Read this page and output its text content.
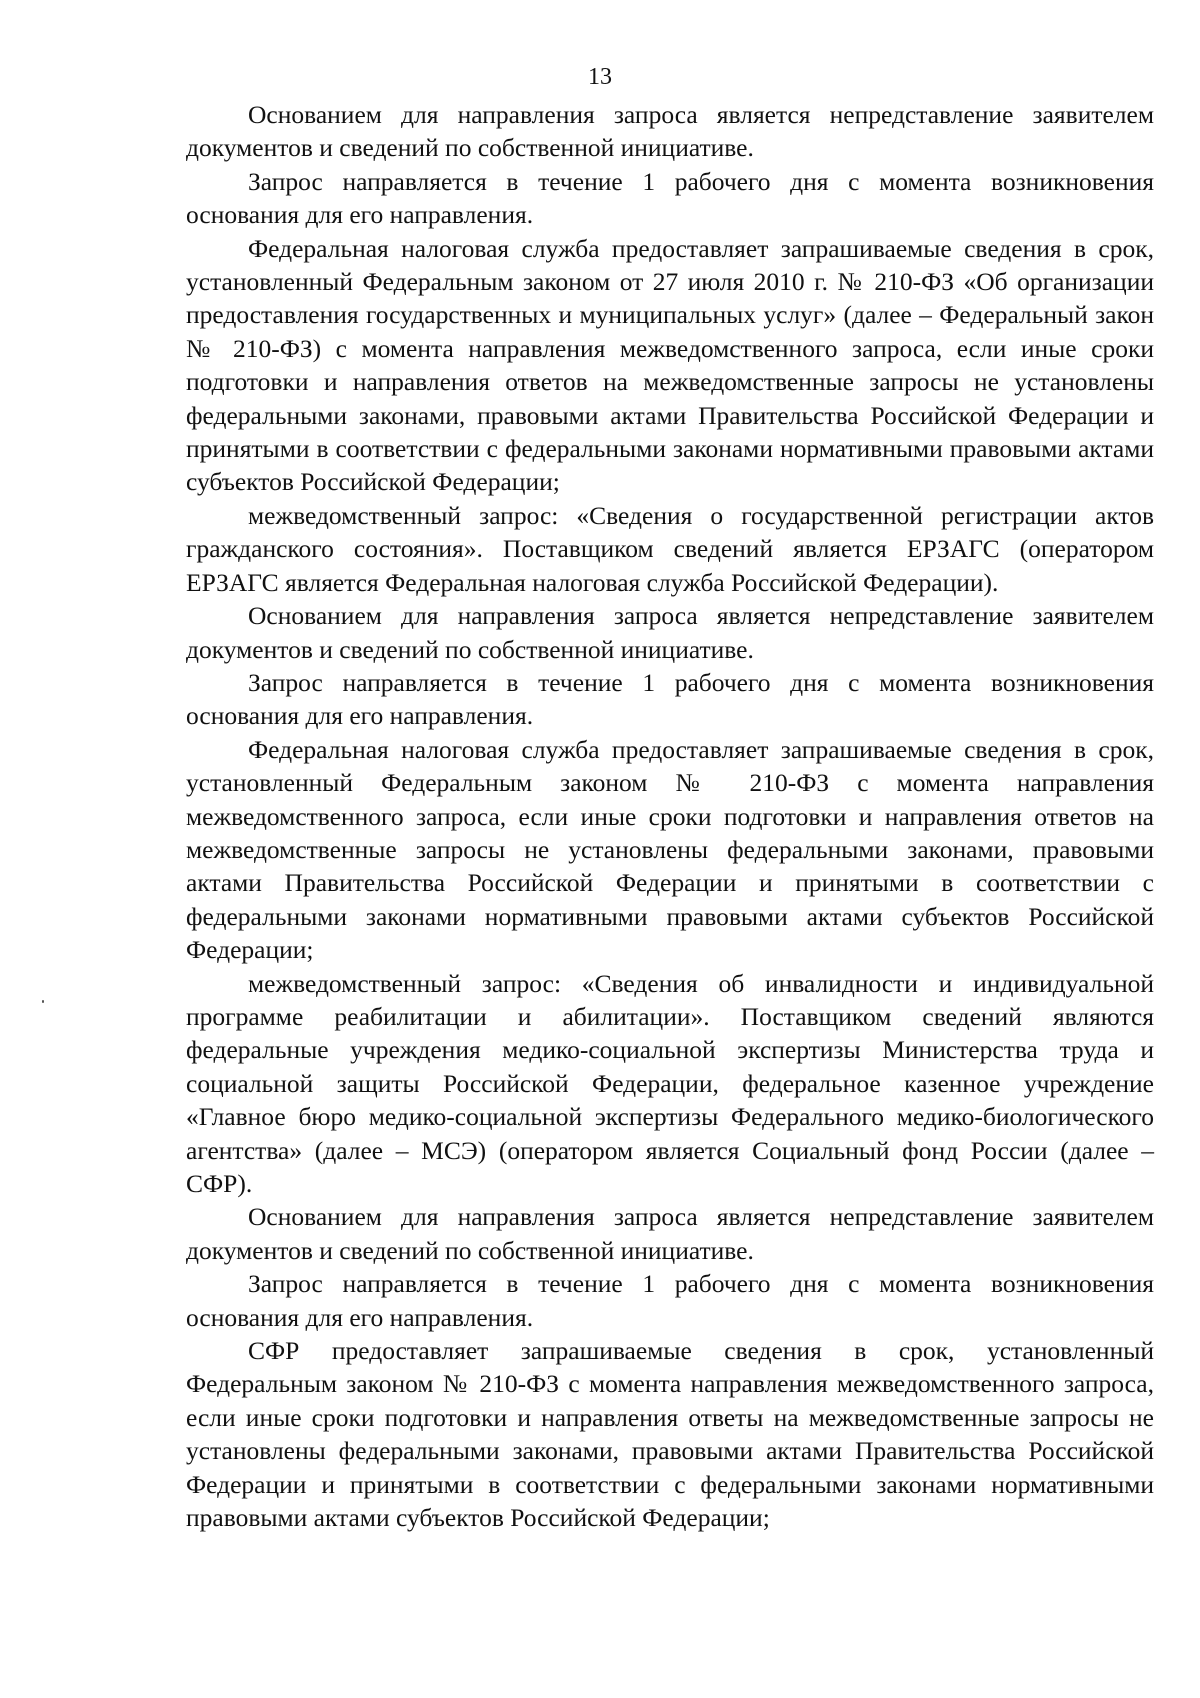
13

Основанием для направления запроса является непредставление заявителем документов и сведений по собственной инициативе.

Запрос направляется в течение 1 рабочего дня с момента возникновения основания для его направления.

Федеральная налоговая служба предоставляет запрашиваемые сведения в срок, установленный Федеральным законом от 27 июля 2010 г. № 210-ФЗ «Об организации предоставления государственных и муниципальных услуг» (далее – Федеральный закон № 210-ФЗ) с момента направления межведомственного запроса, если иные сроки подготовки и направления ответов на межведомственные запросы не установлены федеральными законами, правовыми актами Правительства Российской Федерации и принятыми в соответствии с федеральными законами нормативными правовыми актами субъектов Российской Федерации;

межведомственный запрос: «Сведения о государственной регистрации актов гражданского состояния». Поставщиком сведений является ЕРЗАГС (оператором ЕРЗАГС является Федеральная налоговая служба Российской Федерации).

Основанием для направления запроса является непредставление заявителем документов и сведений по собственной инициативе.

Запрос направляется в течение 1 рабочего дня с момента возникновения основания для его направления.

Федеральная налоговая служба предоставляет запрашиваемые сведения в срок, установленный Федеральным законом № 210-ФЗ с момента направления межведомственного запроса, если иные сроки подготовки и направления ответов на межведомственные запросы не установлены федеральными законами, правовыми актами Правительства Российской Федерации и принятыми в соответствии с федеральными законами нормативными правовыми актами субъектов Российской Федерации;

межведомственный запрос: «Сведения об инвалидности и индивидуальной программе реабилитации и абилитации». Поставщиком сведений являются федеральные учреждения медико-социальной экспертизы Министерства труда и социальной защиты Российской Федерации, федеральное казенное учреждение «Главное бюро медико-социальной экспертизы Федерального медико-биологического агентства» (далее – МСЭ) (оператором является Социальный фонд России (далее – СФР).

Основанием для направления запроса является непредставление заявителем документов и сведений по собственной инициативе.

Запрос направляется в течение 1 рабочего дня с момента возникновения основания для его направления.

СФР предоставляет запрашиваемые сведения в срок, установленный Федеральным законом № 210-ФЗ с момента направления межведомственного запроса, если иные сроки подготовки и направления ответы на межведомственные запросы не установлены федеральными законами, правовыми актами Правительства Российской Федерации и принятыми в соответствии с федеральными законами нормативными правовыми актами субъектов Российской Федерации;
